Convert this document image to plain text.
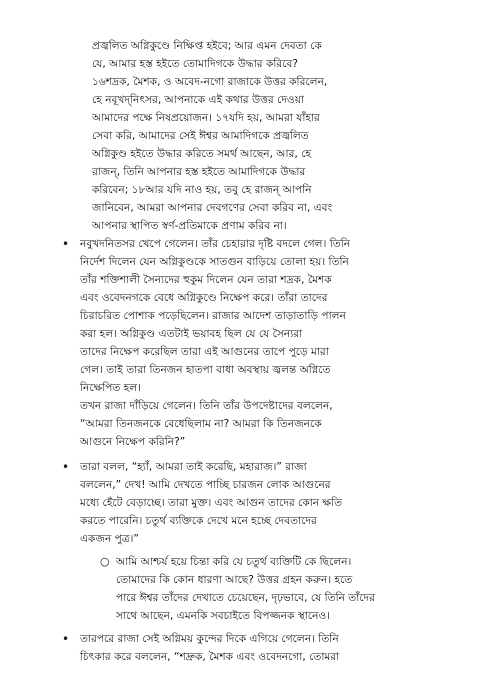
প্রজ্বলিত অগ্নিকুণ্ডে নিক্ষিপ্ত হইবে; আর এমন দেবতা কে
যে, আমার হস্ত হইতে তোমাদিগকে উদ্ধার করিবে?
১৬শদ্রক, মৈশক, ও অবেদ-নগো রাজাকে উত্তর করিলেন,
হে নবূখদ্‌নিৎসর, আপনাকে এই কথার উত্তর দেওয়া
আমাদের পক্ষে নিষপ্রয়োজন। ১৭যদি হয়, আমরা যাঁহার
সেবা করি, আমাদের সেই ঈশ্বর আমাদিগকে প্রজ্বলিত
অগ্নিকুণ্ড হইতে উদ্ধার করিতে সমর্থ আছেন, আর, হে
রাজন্‌, তিনি আপনার হস্ত হইতে আমাদিগকে উদ্ধার
করিবেন; ১৮আর যদি নাও হয়, তবু হে রাজন্‌ আপনি
জানিবেন, আমরা আপনার দেবগণের সেবা করিব না, এবং
আপনার স্থাপিত স্বর্ণ-প্রতিমাকে প্রণাম করিব না।
• নবুখদনিতসর খেপে গেলেন। তাঁর চেহারার দৃষ্টি বদলে গেল। তিনি
নির্দেশ দিলেন যেন অগ্নিকুণ্ডকে সাতগুন বাড়িয়ে তোলা হয়। তিনি
তাঁর শক্তিশালী সৈন্যদের হুকুম দিলেন যেন তারা শদ্রক, মৈশক
এবং ওবেদনগকে বেধে অগ্নিকুণ্ডে নিক্ষেপ করে। তাঁরা তাদের
চিরাচরিত পোশাক পড়েছিলেন। রাজার আদেশ তাড়াতাড়ি পালন
করা হল। অগ্নিকুণ্ড এতটাই ভয়াবহ ছিল যে যে সৈন্যরা
তাদের নিক্ষেপ করেছিল তারা এই আগুনের তাপে পুড়ে মারা
গেল। তাই তারা তিনজন হাতপা বাধা অবস্থায় জ্বলন্ত অগ্নিতে
নিক্ষেপিত হল।
তখন রাজা দাঁড়িয়ে গেলেন। তিনি তাঁর উপদেষ্টাদের বললেন,
“আমরা তিনজনকে বেধেছিলাম না? আমরা কি তিনজনকে
আগুনে নিক্ষেপ করিনি?”
• তারা বলল, “হ্যাঁ, আমরা তাই করেছি, মহারাজ।” রাজা
বললেন,” দেখ! আমি দেখতে পাচ্ছি চারজন লোক আগুনের
মধ্যে হেঁটে বেড়াচ্ছে। তারা মুক্ত। এবং আগুন তাদের কোন ক্ষতি
করতে পারেনি। চতুর্থ ব্যক্তিকে দেখে মনে হচ্ছে দেবতাদের
একজন পুত্র।”
○ আমি আশ্চর্য হয়ে চিন্তা করি যে চতুর্থ ব্যক্তিটি কে ছিলেন।
তোমাদের কি কোন ধারণা আছে? উত্তর গ্রহন করুন। হতে
পারে ঈশ্বর তাঁদের দেখাতে চেয়েছেন, দৃঢ়ভাবে, যে তিনি তাঁদের
সাথে আছেন, এমনকি সবচাইতে বিপজ্জনক স্থানেও।
• তারপরে রাজা সেই অগ্নিময় কুন্দের দিকে এগিয়ে গেলেন। তিনি
চিৎকার করে বললেন, “শদ্রুক, মৈশক এবং ওবেদনগো, তোমরা
